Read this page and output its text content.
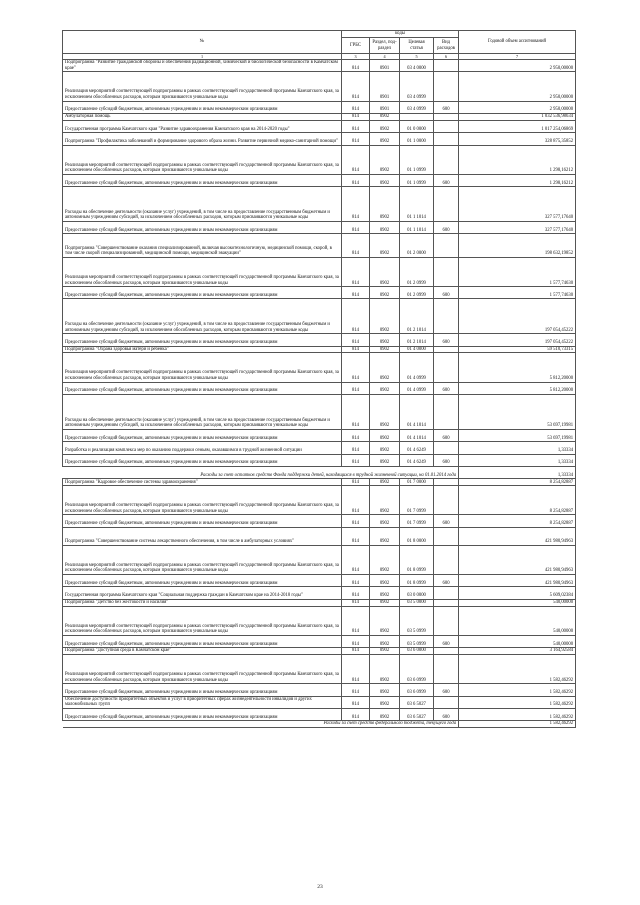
№	коды				Годовой объем ассигнований
	ГРБС	Раздел, под-раздел	Целевая статья	Вид расходов	
1	3	4	5	6	7
Подпрограмма "Развитие гражданской обороны и обеспечения радиационной, химической и биологической безопасности в Камчатском крае"	814	0901	03 4 0000		2 950,00000
Реализация мероприятий соответствующей подпрограммы в рамках соответствующей государственной программы Камчатского края, за исключением обособленных расходов, которым присваиваются уникальные коды	814	0901	03 4 0999		2 950,00000
Предоставление субсидий бюджетным, автономным учреждениям и иным некоммерческим организациям	814	0901	03 4 0999	600	2 950,00000
Амбулаторная помощь	814	0902			1 032 536,98634
Государственная программа Камчатского края "Развитие здравоохранения Камчатского края на 2014-2020 годы"	814	0902	01 0 0000		1 017 254,06869
Подпрограмма "Профилактика заболеваний и формирование здорового образа жизни. Развитие первичной медико-санитарной помощи"	814	0902	01 1 0000		328 875,35852
Реализация мероприятий соответствующей подпрограммы в рамках соответствующей государственной программы Камчатского края, за исключением обособленных расходов, которым присваиваются уникальные коды	814	0902	01 1 0999		1 298,16212
Предоставление субсидий бюджетным, автономным учреждениям и иным некоммерческим организациям	814	0902	01 1 0999	600	1 298,16212
Расходы на обеспечение деятельности (оказание услуг) учреждений, в том числе на предоставление государственным бюджетным и автономным учреждениям субсидий, за исключением обособленных расходов, которым присваиваются уникальные коды	814	0902	01 1 1014		327 577,17640
Предоставление субсидий бюджетным, автономным учреждениям и иным некоммерческим организациям	814	0902	01 1 1014	600	327 577,17640
Подпрограмма "Совершенствование оказания специализированной, включая высокотехнологичную, медицинской помощи, скорой, в том числе скорой специализированной, медицинской помощи, медицинской эвакуации"	814	0902	01 2 0000		198 632,19852
Реализация мероприятий соответствующей подпрограммы в рамках соответствующей государственной программы Камчатского края, за исключением обособленных расходов, которым присваиваются уникальные коды	814	0902	01 2 0999		1 577,74630
Предоставление субсидий бюджетным, автономным учреждениям и иным некоммерческим организациям	814	0902	01 2 0999	600	1 577,74630
Расходы на обеспечение деятельности (оказание услуг) учреждений, в том числе на предоставление государственным бюджетным и автономным учреждениям субсидий, за исключением обособленных расходов, которым присваиваются уникальные коды	814	0902	01 2 1014		197 054,45222
Предоставление субсидий бюджетным, автономным учреждениям и иным некоммерческим организациям	814	0902	01 2 1014	600	197 054,45222
Подпрограмма "Охрана здоровья матери и ребенка"	814	0902	01 4 0000		59 510,73315
Реализация мероприятий соответствующей подпрограммы в рамках соответствующей государственной программы Камчатского края, за исключением обособленных расходов, которым присваиваются уникальные коды	814	0902	01 4 0999		5 812,20000
Предоставление субсидий бюджетным, автономным учреждениям и иным некоммерческим организациям	814	0902	01 4 0999	600	5 812,20000
Расходы на обеспечение деятельности (оказание услуг) учреждений, в том числе на предоставление государственным бюджетным и автономным учреждениям субсидий, за исключением обособленных расходов, которым присваиваются уникальные коды	814	0902	01 4 1014		53 697,19981
Предоставление субсидий бюджетным, автономным учреждениям и иным некоммерческим организациям	814	0902	01 4 1014	600	53 697,19981
Разработка и реализация комплекса мер по оказанию поддержки семьям, оказавшимся в трудной жизненной ситуации	814	0902	01 4 6249		1,33334
Предоставление субсидий бюджетным, автономным учреждениям и иным некоммерческим организациям	814	0902	01 4 6249	600	1,33334
Расходы за счет остатков средств Фонда поддержки детей, находящихся в трудной жизненной ситуации, на 01.01.2014 года					1,33334
Подпрограмма "Кадровое обеспечение системы здравоохранения"	814	0902	01 7 0000		8 254,82887
Реализация мероприятий соответствующей подпрограммы в рамках соответствующей государственной программы Камчатского края, за исключением обособленных расходов, которым присваиваются уникальные коды	814	0902	01 7 0999		8 254,82887
Предоставление субсидий бюджетным, автономным учреждениям и иным некоммерческим организациям	814	0902	01 7 0999	600	8 254,82887
Подпрограмма "Совершенствование системы лекарственного обеспечения, в том числе в амбулаторных условиях"	814	0902	01 8 0000		421 980,94963
Реализация мероприятий соответствующей подпрограммы в рамках соответствующей государственной программы Камчатского края, за исключением обособленных расходов, которым присваиваются уникальные коды	814	0902	01 8 0999		421 980,94963
Предоставление субсидий бюджетным, автономным учреждениям и иным некоммерческим организациям	814	0902	01 8 0999	600	421 980,94963
Государственная программа Камчатского края "Социальная поддержка граждан в Камчатском крае на 2014-2018 годы"	814	0902	03 0 0000		5 609,02384
Подпрограмма "Детство без жестокости и насилия"	814	0902	03 5 0000		540,00000
Реализация мероприятий соответствующей подпрограммы в рамках соответствующей государственной программы Камчатского края, за исключением обособленных расходов, которым присваиваются уникальные коды	814	0902	03 5 0999		540,00000
Предоставление субсидий бюджетным, автономным учреждениям и иным некоммерческим организациям	814	0902	03 5 0999	600	540,00000
Подпрограмма "Доступная среда в Камчатском крае"	814	0902	03 6 0000		3 164,92584
Реализация мероприятий соответствующей подпрограммы в рамках соответствующей государственной программы Камчатского края, за исключением обособленных расходов, которым присваиваются уникальные коды	814	0902	03 6 0999		1 582,46292
Предоставление субсидий бюджетным, автономным учреждениям и иным некоммерческим организациям	814	0902	03 6 0999	600	1 582,46292
Обеспечение доступности приоритетных объектов и услуг в приоритетных сферах жизнедеятельности инвалидов и других маломобильных групп	814	0902	03 6 5027		1 582,46292
Предоставление субсидий бюджетным, автономным учреждениям и иным некоммерческим организациям	814	0902	03 6 5027	600	1 582,46292
Расходы за счет средств федерального бюджета, текущего года					1 582,46292
23
